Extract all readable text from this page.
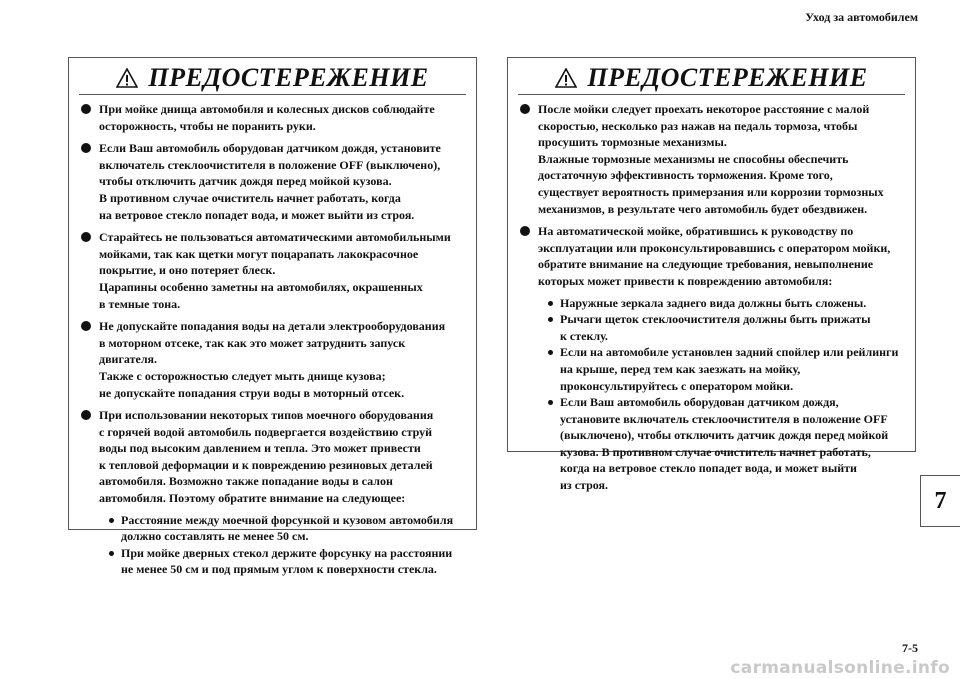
Уход за автомобилем
ПРЕДОСТЕРЕЖЕНИЕ
При мойке днища автомобиля и колесных дисков соблюдайте
осторожность, чтобы не поранить руки.
Если Ваш автомобиль оборудован датчиком дождя, установите
включатель стеклоочистителя в положение OFF (выключено),
чтобы отключить датчик дождя перед мойкой кузова.
В противном случае очиститель начнет работать, когда
на ветровое стекло попадет вода, и может выйти из строя.
Старайтесь не пользоваться автоматическими автомобильными
мойками, так как щетки могут поцарапать лакокрасочное
покрытие, и оно потеряет блеск.
Царапины особенно заметны на автомобилях, окрашенных
в темные тона.
Не допускайте попадания воды на детали электрооборудования
в моторном отсеке, так как это может затруднить запуск
двигателя.
Также с осторожностью следует мыть днище кузова;
не допускайте попадания струи воды в моторный отсек.
При использовании некоторых типов моечного оборудования
с горячей водой автомобиль подвергается воздействию струй
воды под высоким давлением и тепла. Это может привести
к тепловой деформации и к повреждению резиновых деталей
автомобиля. Возможно также попадание воды в салон
автомобиля. Поэтому обратите внимание на следующее:
Расстояние между моечной форсункой и кузовом автомобиля
должно составлять не менее 50 см.
При мойке дверных стекол держите форсунку на расстоянии
не менее 50 см и под прямым углом к поверхности стекла.
ПРЕДОСТЕРЕЖЕНИЕ
После мойки следует проехать некоторое расстояние с малой
скоростью, несколько раз нажав на педаль тормоза, чтобы
просушить тормозные механизмы.
Влажные тормозные механизмы не способны обеспечить
достаточную эффективность торможения. Кроме того,
существует вероятность примерзания или коррозии тормозных
механизмов, в результате чего автомобиль будет обездвижен.
На автоматической мойке, обратившись к руководству по
эксплуатации или проконсультировавшись с оператором мойки,
обратите внимание на следующие требования, невыполнение
которых может привести к повреждению автомобиля:
Наружные зеркала заднего вида должны быть сложены.
Рычаги щеток стеклоочистителя должны быть прижаты
к стеклу.
Если на автомобиле установлен задний спойлер или рейлинги
на крыше, перед тем как заезжать на мойку,
проконсультируйтесь с оператором мойки.
Если Ваш автомобиль оборудован датчиком дождя,
установите включатель стеклоочистителя в положение OFF
(выключено), чтобы отключить датчик дождя перед мойкой
кузова. В противном случае очиститель начнет работать,
когда на ветровое стекло попадет вода, и может выйти
из строя.
7
7-5
carmanualsonline.info
